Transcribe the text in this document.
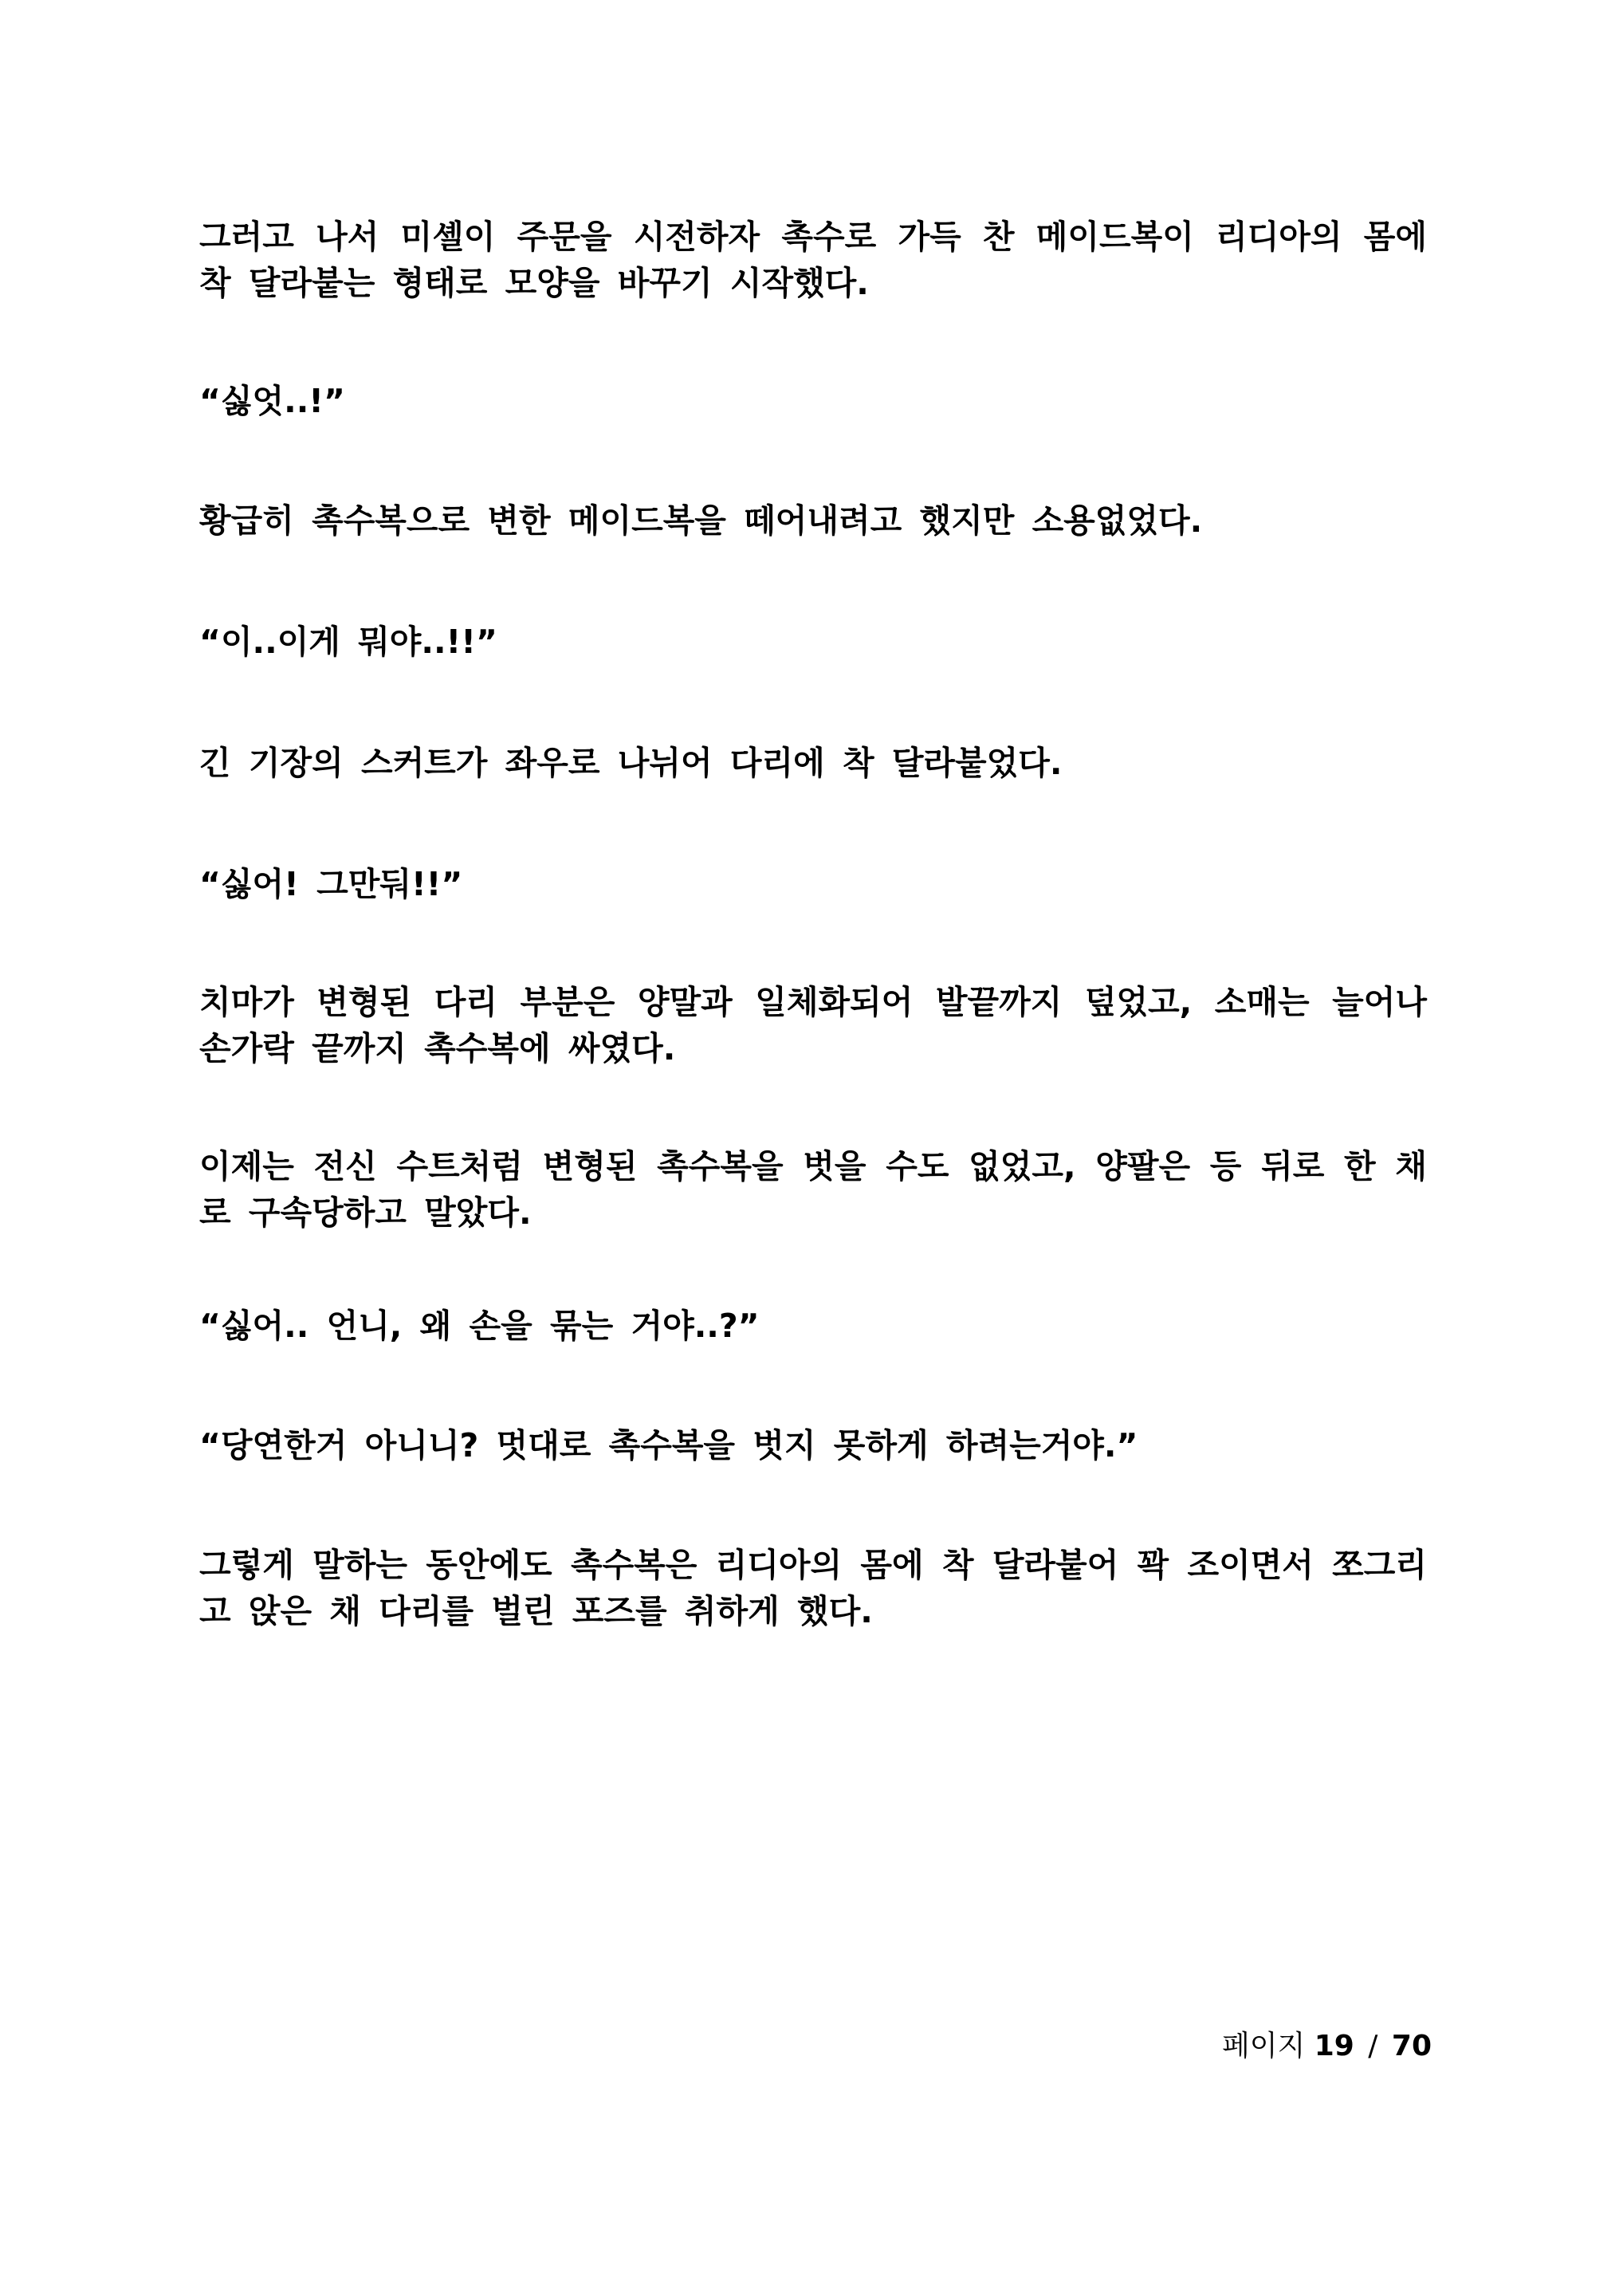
그러고 나서 미셸이 주문을 시전하자 촉수로 가득 찬 메이드복이 리디아의 몸에 착 달라붙는 형태로 모양을 바꾸기 시작했다.

“싫엇..!”

황급히 촉수복으로 변한 메이드복을 떼어내려고 했지만 소용없었다.

“이..이게 뭐야..!!”

긴 기장의 스커트가 좌우로 나뉘어 다리에 착 달라붙었다.

“싫어! 그만둬!!”

치마가 변형된 다리 부분은 양말과 일체화되어 발끝까지 덮었고, 소매는 늘어나 손가락 끝까지 촉수복에 싸였다.

이제는 전신 수트처럼 변형된 촉수복을 벗을 수도 없었고, 양팔은 등 뒤로 한 채로 구속당하고 말았다.

“싫어.. 언니, 왜 손을 묶는 거야..?”

“당연한거 아니니? 멋대로 촉수복을 벗지 못하게 하려는거야.”

그렇게 말하는 동안에도 촉수복은 리디아의 몸에 착 달라붙어 꽉 조이면서 쪼그리고 앉은 채 다리를 벌린 포즈를 취하게 했다.

페이지 19 / 70
